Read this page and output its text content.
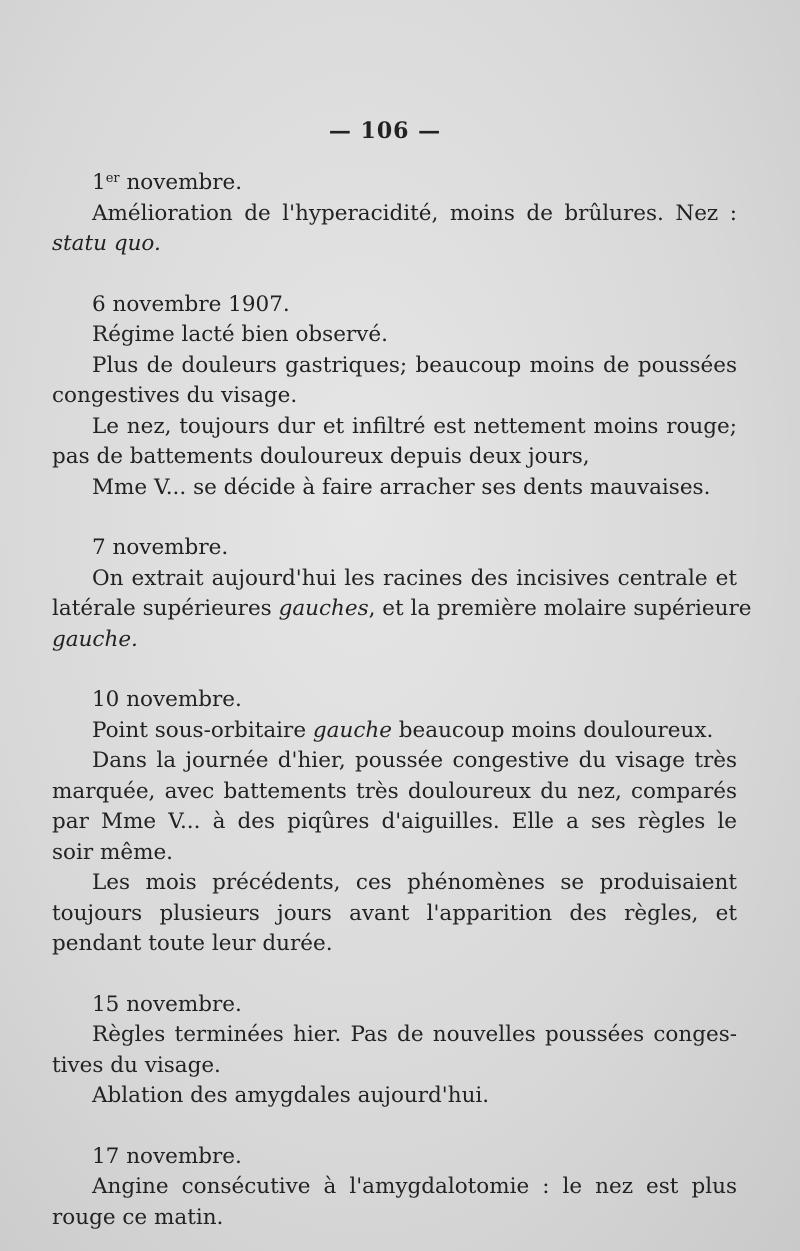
— 106 —
1er novembre.
Amélioration de l'hyperacidité, moins de brûlures. Nez :
statu quo.
6 novembre 1907.
Régime lacté bien observé.
Plus de douleurs gastriques; beaucoup moins de poussées
congestives du visage.
Le nez, toujours dur et infiltré est nettement moins rouge;
pas de battements douloureux depuis deux jours,
Mme V... se décide à faire arracher ses dents mauvaises.
7 novembre.
On extrait aujourd'hui les racines des incisives centrale et
latérale supérieures gauches, et la première molaire supérieure
gauche.
10 novembre.
Point sous-orbitaire gauche beaucoup moins douloureux.
Dans la journée d'hier, poussée congestive du visage très
marquée, avec battements très douloureux du nez, comparés
par Mme V... à des piqûres d'aiguilles. Elle a ses règles le
soir même.
Les mois précédents, ces phénomènes se produisaient
toujours plusieurs jours avant l'apparition des règles, et
pendant toute leur durée.
15 novembre.
Règles terminées hier. Pas de nouvelles poussées conges-
tives du visage.
Ablation des amygdales aujourd'hui.
17 novembre.
Angine consécutive à l'amygdalotomie : le nez est plus
rouge ce matin.
